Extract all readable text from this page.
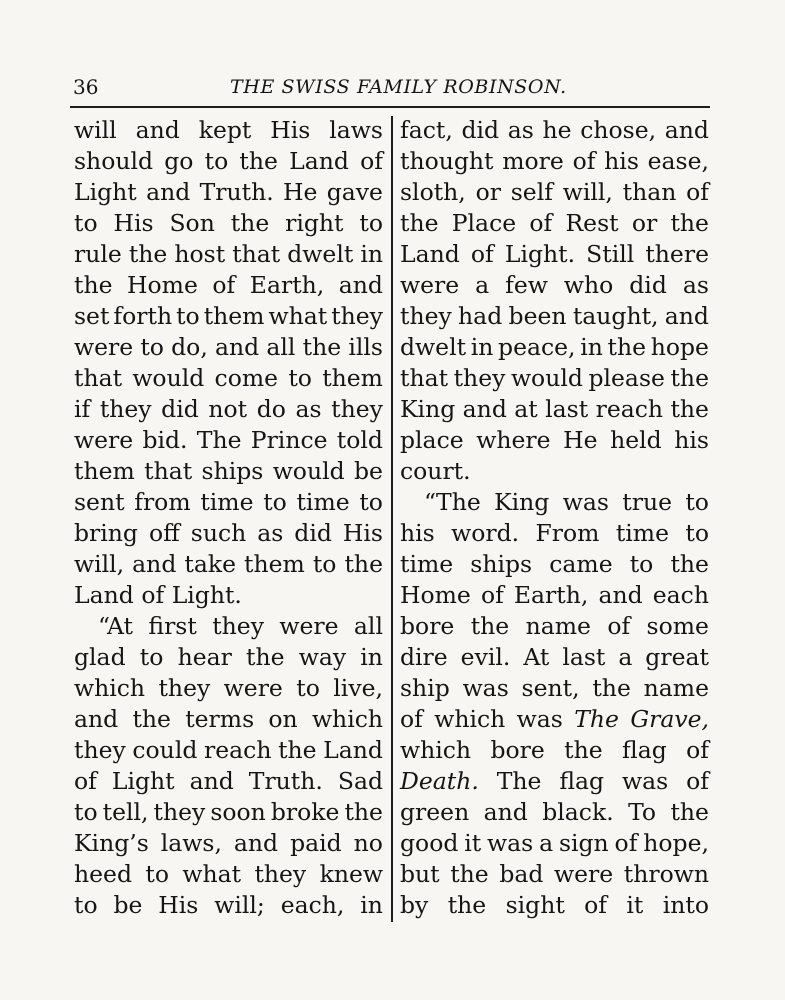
36	THE SWISS FAMILY ROBINSON.
will and kept His laws
should go to the Land of
Light and Truth. He gave
to His Son the right to
rule the host that dwelt in
the Home of Earth, and
set forth to them what they
were to do, and all the ills
that would come to them
if they did not do as they
were bid. The Prince told
them that ships would be
sent from time to time to
bring off such as did His
will, and take them to the
Land of Light.
“At first they were all
glad to hear the way in
which they were to live,
and the terms on which
they could reach the Land
of Light and Truth. Sad
to tell, they soon broke the
King’s laws, and paid no
heed to what they knew
to be His will; each, in
fact, did as he chose, and
thought more of his ease,
sloth, or self will, than of
the Place of Rest or the
Land of Light. Still there
were a few who did as
they had been taught, and
dwelt in peace, in the hope
that they would please the
King and at last reach the
place where He held his
court.
“The King was true to
his word. From time to
time ships came to the
Home of Earth, and each
bore the name of some
dire evil. At last a great
ship was sent, the name
of which was The Grave,
which bore the flag of
Death. The flag was of
green and black. To the
good it was a sign of hope,
but the bad were thrown
by the sight of it into
